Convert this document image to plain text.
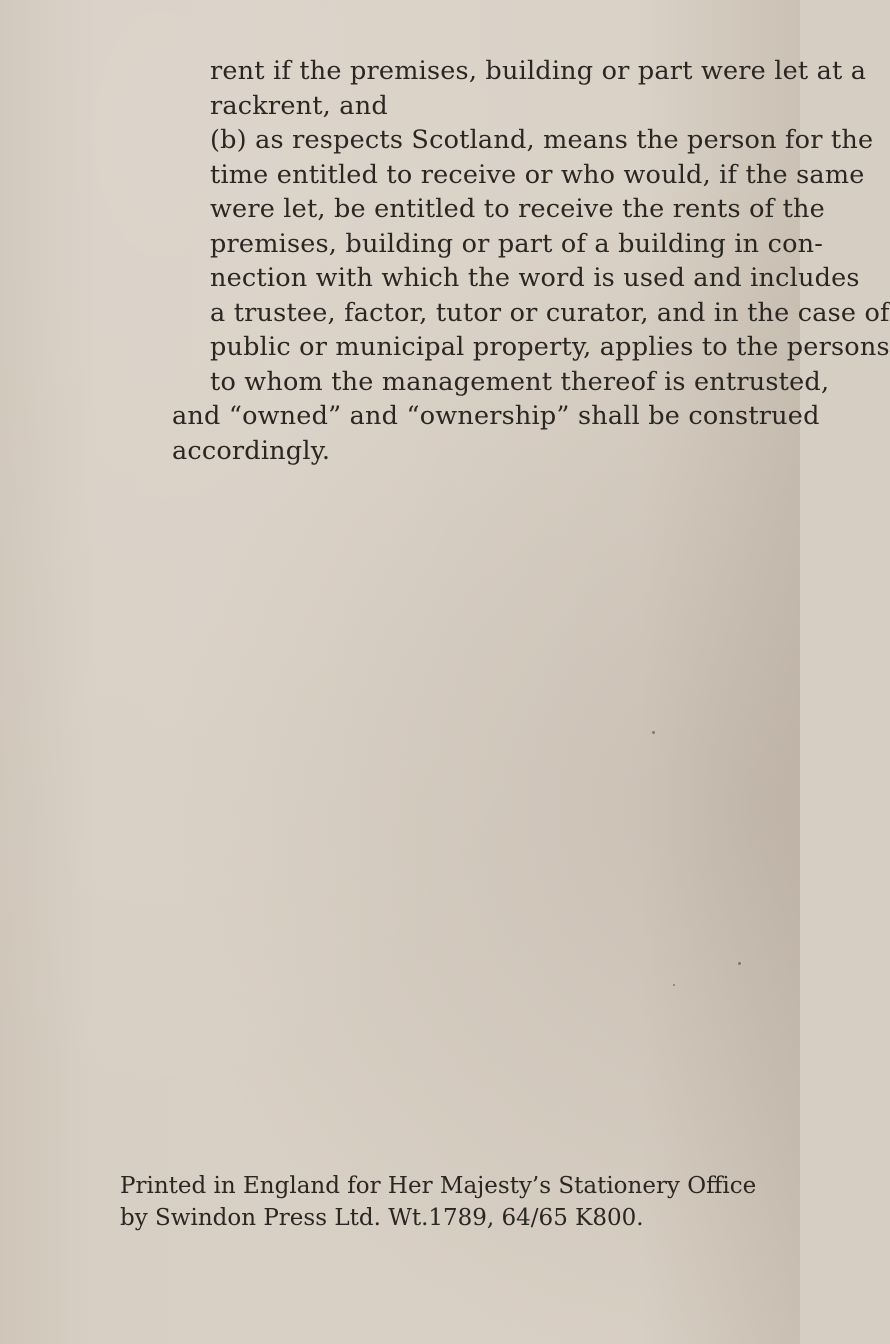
rent if the premises, building or part were let at a
rackrent, and
(b) as respects Scotland, means the person for the
time entitled to receive or who would, if the same
were let, be entitled to receive the rents of the
premises, building or part of a building in con-
nection with which the word is used and includes
a trustee, factor, tutor or curator, and in the case of
public or municipal property, applies to the persons
to whom the management thereof is entrusted,
and “owned” and “ownership” shall be construed
accordingly.
Printed in England for Her Majesty’s Stationery Office
by Swindon Press Ltd. Wt.1789, 64/65 K800.
